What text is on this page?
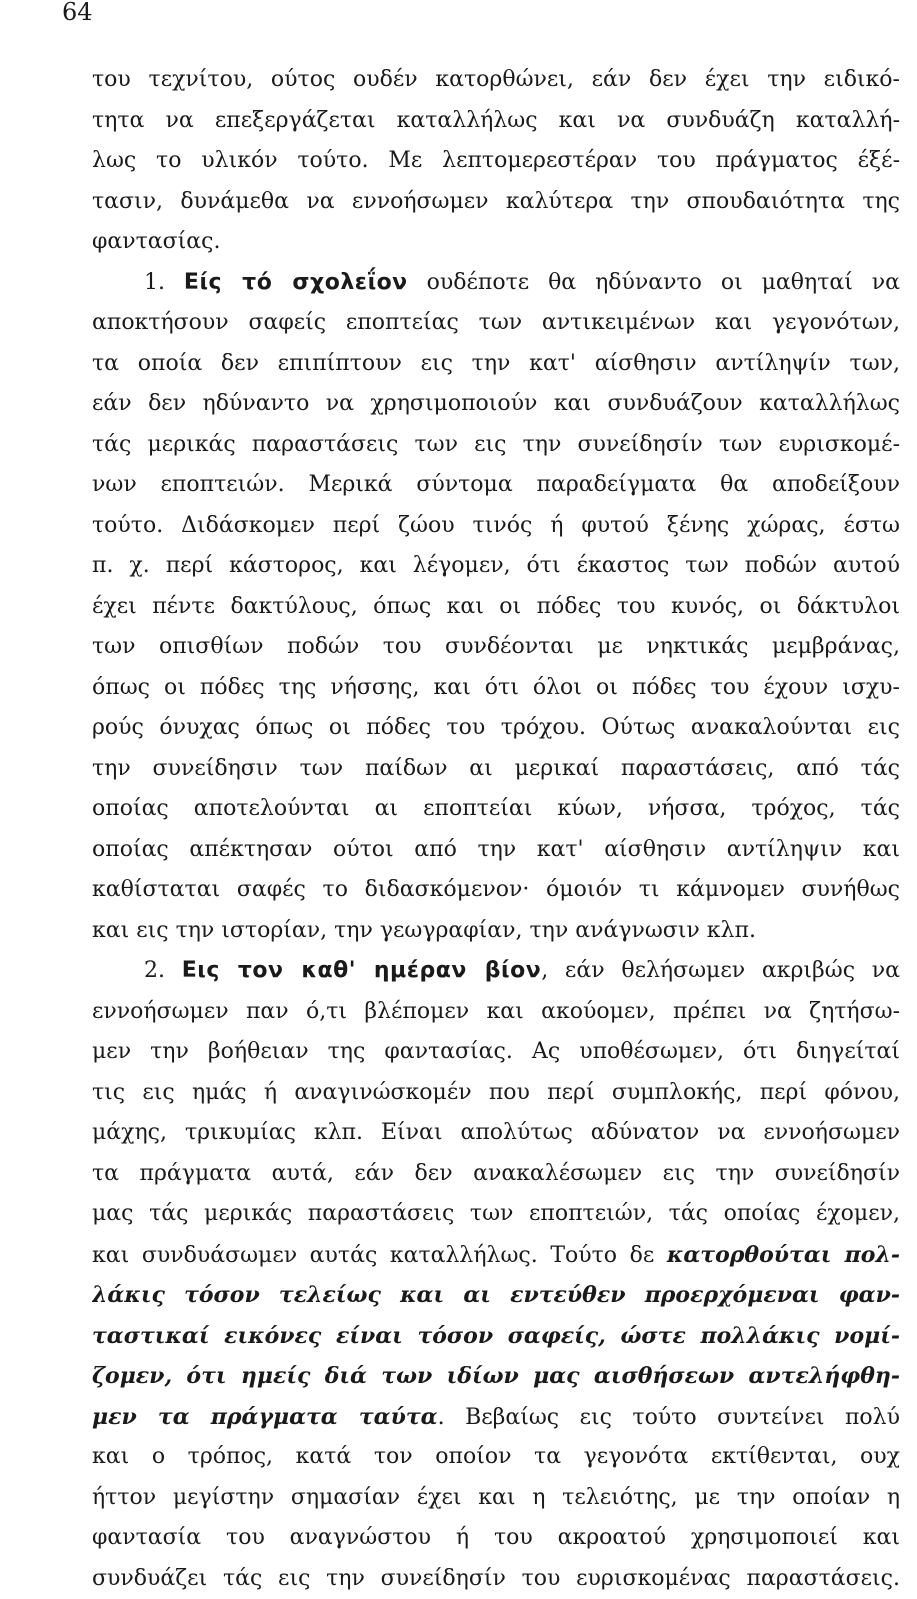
64
του τεχνίτου, ούτος ουδέν κατορθώνει, εάν δεν έχει την ειδικό-
τητα να επεξεργάζεται καταλλήλως και να συνδυάζη καταλλή-
λως το υλικόν τούτο. Με λεπτομερεστέραν του πράγματος έξέ-
τασιν, δυνάμεθα να εννοήσωμεν καλύτερα την σπουδαιότητα της
φαντασίας.
1. Είς τό σχολεΐον ουδέποτε θα ηδύναντο οι μαθηταί να
αποκτήσουν σαφείς εποπτείας των αντικειμένων και γεγονότων,
τα οποία δεν επιπίπτουν εις την κατ' αίσθησιν αντίληψίν των,
εάν δεν ηδύναντο να χρησιμοποιούν και συνδυάζουν καταλλήλως
τάς μερικάς παραστάσεις των εις την συνείδησίν των ευρισκομέ-
νων εποπτειών. Μερικά σύντομα παραδείγματα θα αποδείξουν
τούτο. Διδάσκομεν περί ζώου τινός ή φυτού ξένης χώρας, έστω
π. χ. περί κάστορος, και λέγομεν, ότι έκαστος των ποδών αυτού
έχει πέντε δακτύλους, όπως και οι πόδες του κυνός, οι δάκτυλοι
των οπισθίων ποδών του συνδέονται με νηκτικάς μεμβράνας,
όπως οι πόδες της νήσσης, και ότι όλοι οι πόδες του έχουν ισχυ-
ρούς όνυχας όπως οι πόδες του τρόχου. Ούτως ανακαλούνται εις
την συνείδησιν των παίδων αι μερικαί παραστάσεις, από τάς
οποίας αποτελούνται αι εποπτείαι κύων, νήσσα, τρόχος, τάς
οποίας απέκτησαν ούτοι από την κατ' αίσθησιν αντίληψιν και
καθίσταται σαφές το διδασκόμενον· όμοιόν τι κάμνομεν συνήθως
και εις την ιστορίαν, την γεωγραφίαν, την ανάγνωσιν κλπ.
2. Εις τον καθ' ημέραν βίον, εάν θελήσωμεν ακριβώς να
εννοήσωμεν παν ό,τι βλέπομεν και ακούομεν, πρέπει να ζητήσω-
μεν την βοήθειαν της φαντασίας. Ας υποθέσωμεν, ότι διηγείταί
τις εις ημάς ή αναγινώσκομέν που περί συμπλοκής, περί φόνου,
μάχης, τρικυμίας κλπ. Είναι απολύτως αδύνατον να εννοήσωμεν
τα πράγματα αυτά, εάν δεν ανακαλέσωμεν εις την συνείδησίν
μας τάς μερικάς παραστάσεις των εποπτειών, τάς οποίας έχομεν,
και συνδυάσωμεν αυτάς καταλλήλως. Τούτο δε κατορθούται πολ-
λάκις τόσον τελείως και αι εντεύθεν προερχόμεναι φαν-
ταστικαί εικόνες είναι τόσον σαφείς, ώστε πολλάκις νομί-
ζομεν, ότι ημείς διά των ιδίων μας αισθήσεων αντελήφθη-
μεν τα πράγματα ταύτα. Βεβαίως εις τούτο συντείνει πολύ
και ο τρόπος, κατά τον οποίον τα γεγονότα εκτίθενται, ουχ
ήττον μεγίστην σημασίαν έχει και η τελειότης, με την οποίαν η
φαντασία του αναγνώστου ή του ακροατού χρησιμοποιεί και
συνδυάζει τάς εις την συνείδησίν του ευρισκομένας παραστάσεις.
